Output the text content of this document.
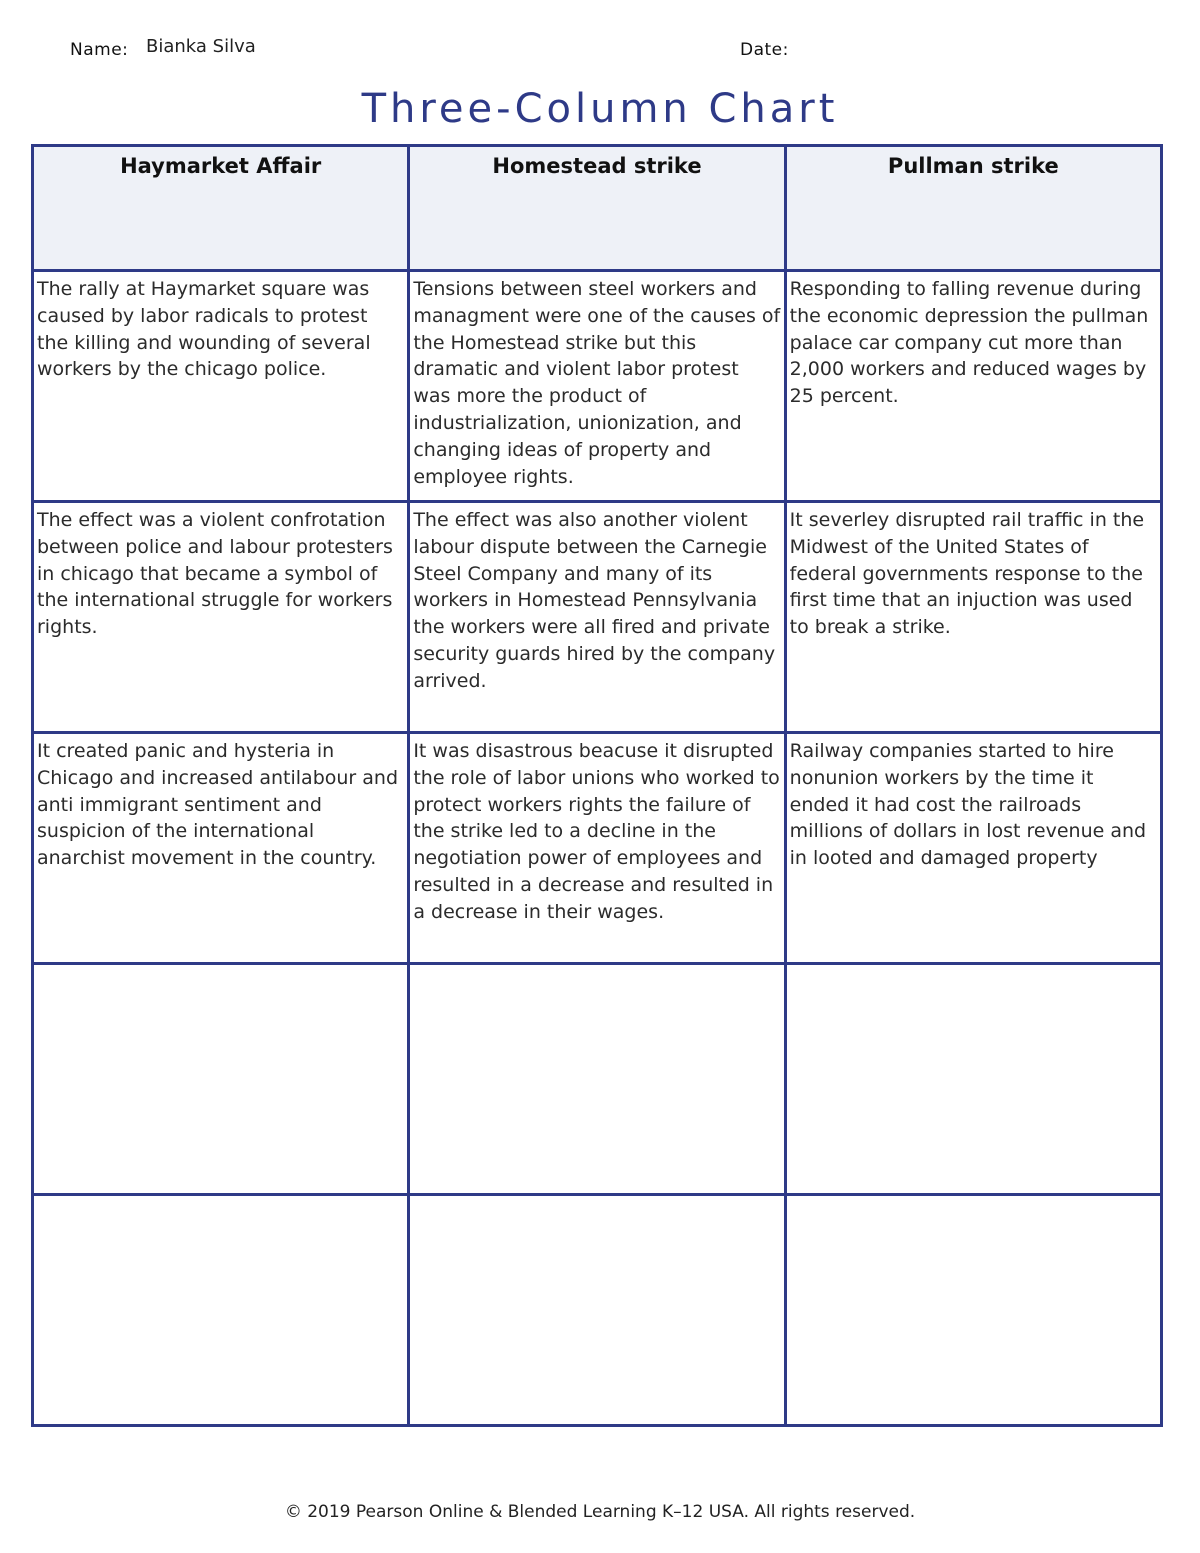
Name: Bianka Silva	Date:
Three-Column Chart
Haymarket Affair	Homestead strike	Pullman strike
The rally at Haymarket square was caused by labor radicals to protest the killing and wounding of several workers by the chicago police.	Tensions between steel workers and managment were one of the causes of the Homestead strike but this dramatic and violent labor protest was more the product of industrialization, unionization, and changing ideas of property and employee rights.	Responding to falling revenue during the economic depression the pullman palace car company cut more than 2,000 workers and reduced wages by 25 percent.
The effect was a violent confrotation between police and labour protesters in chicago that became a symbol of the international struggle for workers rights.	The effect was also another violent labour dispute between the Carnegie Steel Company and many of its workers in Homestead Pennsylvania the workers were all fired and private security guards hired by the company arrived.	It severley disrupted rail traffic in the Midwest of the United States of federal governments response to the first time that an injuction was used to break a strike.
It created panic and hysteria in Chicago and increased antilabour and anti immigrant sentiment and suspicion of the international anarchist movement in the country.	It was disastrous beacuse it disrupted the role of labor unions who worked to protect workers rights the failure of the strike led to a decline in the negotiation power of employees and resulted in a decrease and resulted in a decrease in their wages.	Railway companies started to hire nonunion workers by the time it ended it had cost the railroads millions of dollars in lost revenue and in looted and damaged property

© 2019 Pearson Online & Blended Learning K–12 USA. All rights reserved.
